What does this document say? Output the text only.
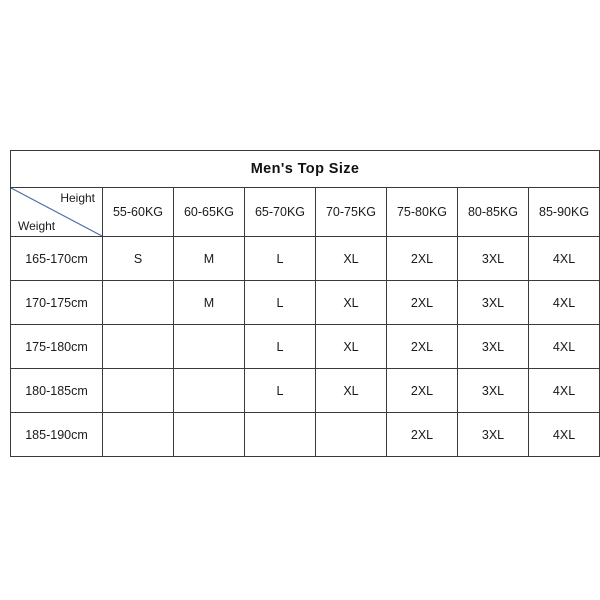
Men's Top Size							

Height
Weight	55-60KG	60-65KG	65-70KG	70-75KG	75-80KG	80-85KG	85-90KG
165-170cm	S	M	L	XL	2XL	3XL	4XL
170-175cm		M	L	XL	2XL	3XL	4XL
175-180cm			L	XL	2XL	3XL	4XL
180-185cm			L	XL	2XL	3XL	4XL
185-190cm					2XL	3XL	4XL
